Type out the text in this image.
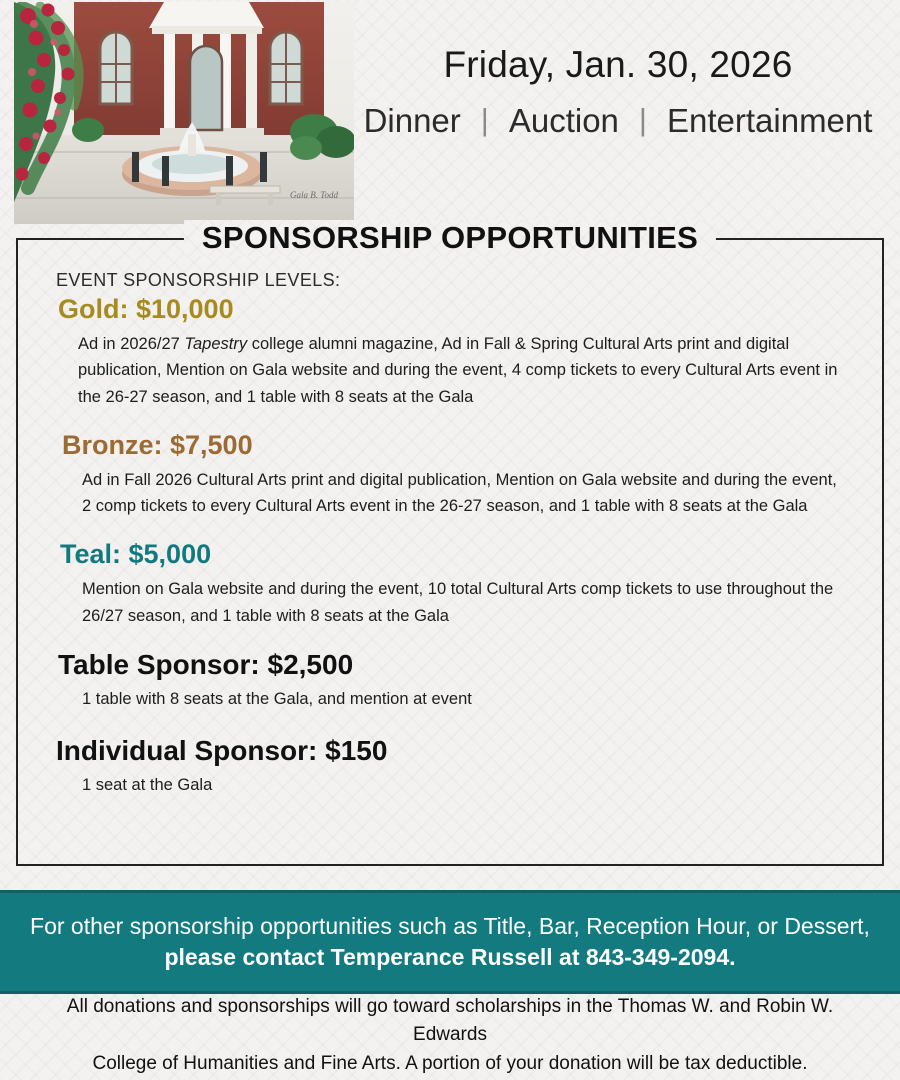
Gala B. Todd
Friday, Jan. 30, 2026
Dinner | Auction | Entertainment
SPONSORSHIP OPPORTUNITIES
EVENT SPONSORSHIP LEVELS:
Gold: $10,000
Ad in 2026/27 Tapestry college alumni magazine, Ad in Fall & Spring Cultural Arts print and digital publication, Mention on Gala website and during the event, 4 comp tickets to every Cultural Arts event in the 26-27 season, and 1 table with 8 seats at the Gala
Bronze: $7,500
Ad in Fall 2026 Cultural Arts print and digital publication, Mention on Gala website and during the event, 2 comp tickets to every Cultural Arts event in the 26-27 season, and 1 table with 8 seats at the Gala
Teal: $5,000
Mention on Gala website and during the event, 10 total Cultural Arts comp tickets to use throughout the 26/27 season, and 1 table with 8 seats at the Gala
Table Sponsor: $2,500
1 table with 8 seats at the Gala, and mention at event
Individual Sponsor: $150
1 seat at the Gala
For other sponsorship opportunities such as Title, Bar, Reception Hour, or Dessert,
please contact Temperance Russell at 843-349-2094.
All donations and sponsorships will go toward scholarships in the Thomas W. and Robin W. Edwards
College of Humanities and Fine Arts. A portion of your donation will be tax deductible.
